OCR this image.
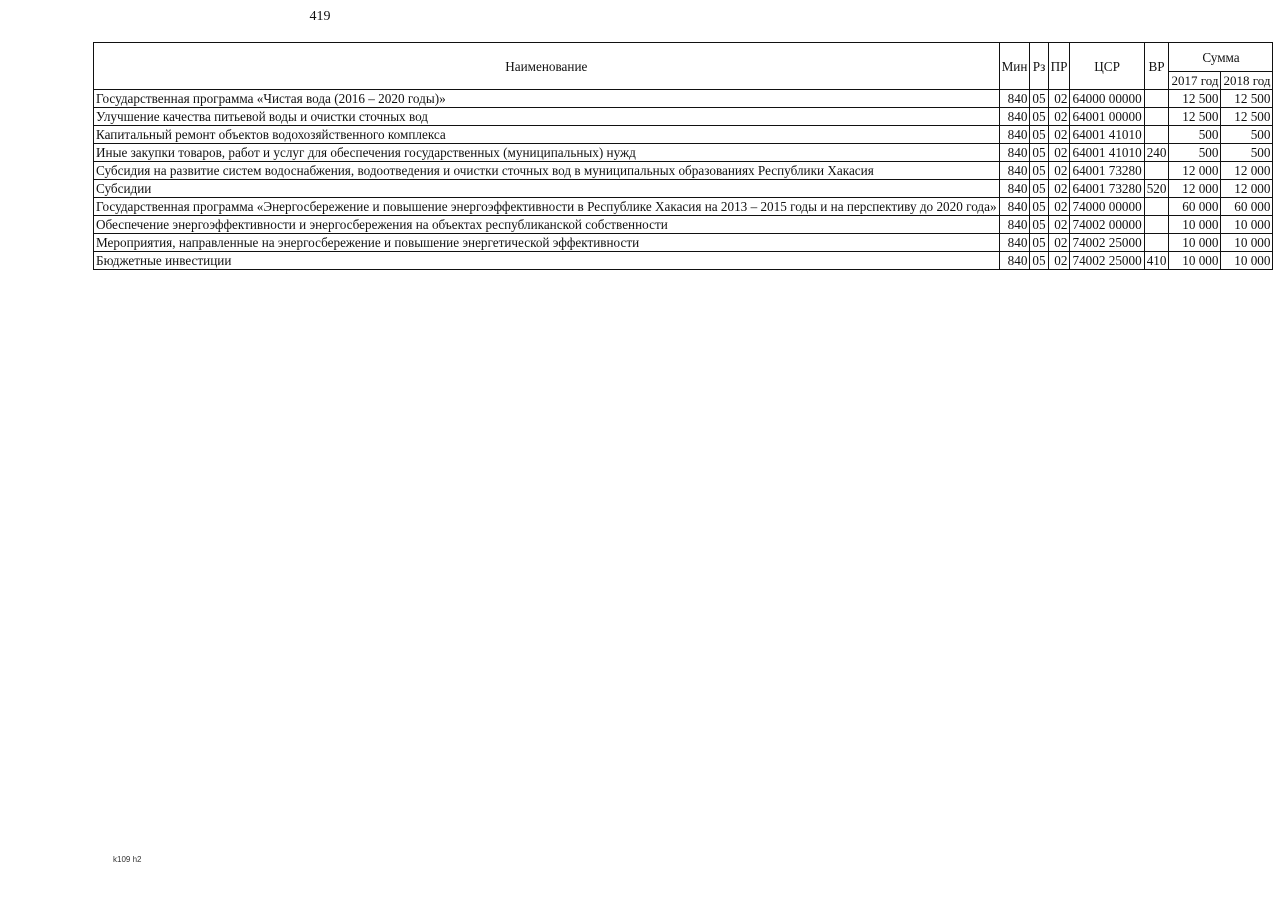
419
Наименование	Мин	Рз	ПР	ЦСР	ВР	Сумма	
						2017 год	2018 год
Государственная программа «Чистая вода (2016 – 2020 годы)»	840	05	02	64000 00000		12 500	12 500
Улучшение качества питьевой воды и очистки сточных вод	840	05	02	64001 00000		12 500	12 500
Капитальный ремонт объектов водохозяйственного комплекса	840	05	02	64001 41010		500	500
Иные закупки товаров, работ и услуг для обеспечения государственных (муниципальных) нужд	840	05	02	64001 41010	240	500	500
Субсидия на развитие систем водоснабжения, водоотведения и очистки сточных вод в муниципальных образованиях Республики Хакасия	840	05	02	64001 73280		12 000	12 000
Субсидии	840	05	02	64001 73280	520	12 000	12 000
Государственная программа «Энергосбережение и повышение энергоэффективности в Республике Хакасия на 2013 – 2015 годы и на перспективу до 2020 года»	840	05	02	74000 00000		60 000	60 000
Обеспечение энергоэффективности и энергосбережения на объектах республиканской собственности	840	05	02	74002 00000		10 000	10 000
Мероприятия, направленные на энергосбережение и повышение энергетической эффективности	840	05	02	74002 25000		10 000	10 000
Бюджетные инвестиции	840	05	02	74002 25000	410	10 000	10 000
k109 h2
